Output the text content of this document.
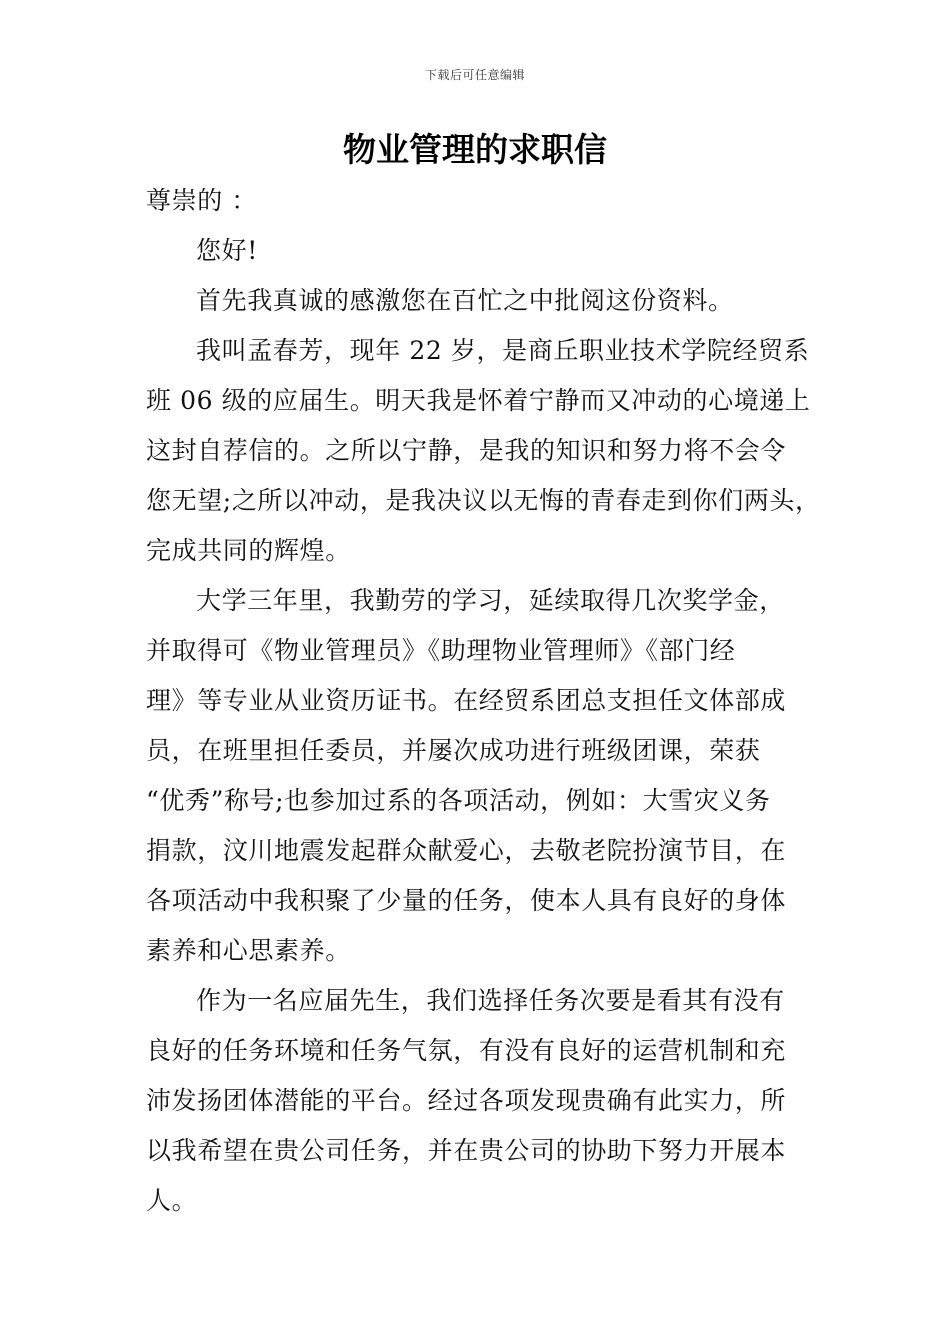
下载后可任意编辑
物业管理的求职信
尊崇的 ：
您好!
首先我真诚的感激您在百忙之中批阅这份资料。
我叫孟春芳，现年 22 岁，是商丘职业技术学院经贸系
班 06 级的应届生。明天我是怀着宁静而又冲动的心境递上
这封自荐信的。之所以宁静，是我的知识和努力将不会令
您无望;之所以冲动，是我决议以无悔的青春走到你们两头，
完成共同的辉煌。
大学三年里，我勤劳的学习，延续取得几次奖学金，
并取得可《物业管理员》《助理物业管理师》《部门经
理》等专业从业资历证书。在经贸系团总支担任文体部成
员，在班里担任委员，并屡次成功进行班级团课，荣获
“优秀”称号;也参加过系的各项活动，例如：大雪灾义务
捐款，汶川地震发起群众献爱心，去敬老院扮演节目，在
各项活动中我积聚了少量的任务，使本人具有良好的身体
素养和心思素养。
作为一名应届先生，我们选择任务次要是看其有没有
良好的任务环境和任务气氛，有没有良好的运营机制和充
沛发扬团体潜能的平台。经过各项发现贵确有此实力，所
以我希望在贵公司任务，并在贵公司的协助下努力开展本
人。
